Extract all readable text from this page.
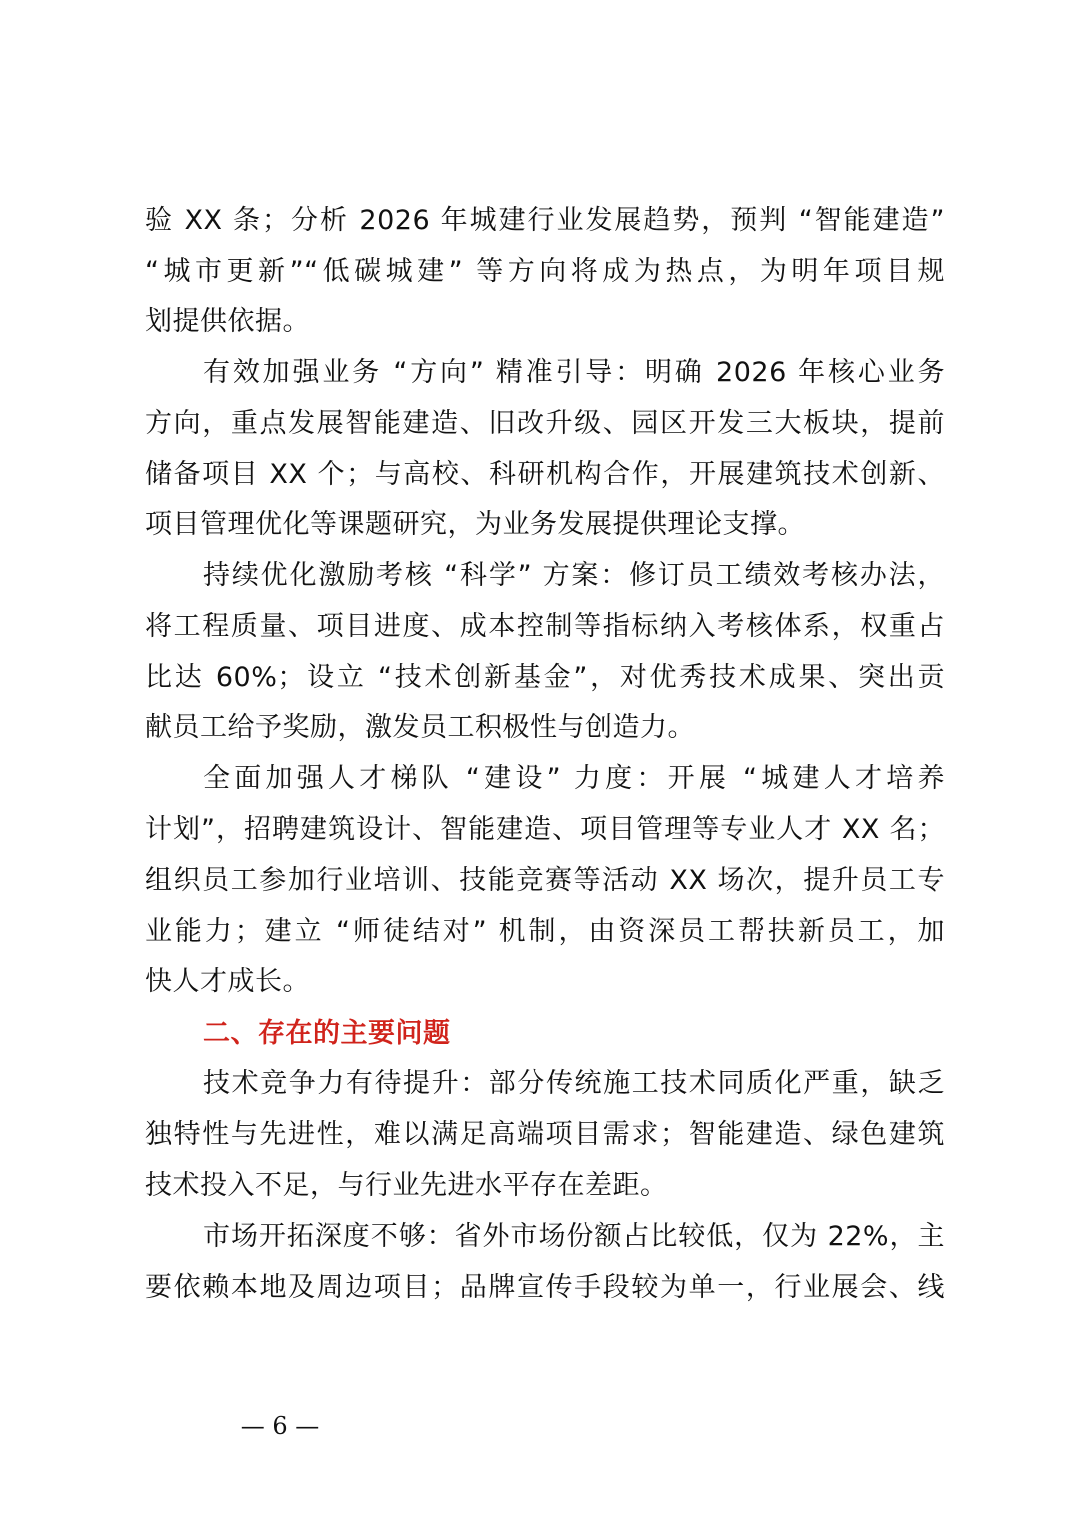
验 XX 条；分析 2026 年城建行业发展趋势，预判 “智能建造”
“城市更新”“低碳城建” 等方向将成为热点，为明年项目规
划提供依据。
有效加强业务 “方向” 精准引导：明确 2026 年核心业务
方向，重点发展智能建造、旧改升级、园区开发三大板块，提前
储备项目 XX 个；与高校、科研机构合作，开展建筑技术创新、
项目管理优化等课题研究，为业务发展提供理论支撑。
持续优化激励考核 “科学” 方案：修订员工绩效考核办法，
将工程质量、项目进度、成本控制等指标纳入考核体系，权重占
比达 60%；设立 “技术创新基金”，对优秀技术成果、突出贡
献员工给予奖励，激发员工积极性与创造力。
全面加强人才梯队 “建设” 力度：开展 “城建人才培养
计划”，招聘建筑设计、智能建造、项目管理等专业人才 XX 名；
组织员工参加行业培训、技能竞赛等活动 XX 场次，提升员工专
业能力；建立 “师徒结对” 机制，由资深员工帮扶新员工，加
快人才成长。
二、存在的主要问题
技术竞争力有待提升：部分传统施工技术同质化严重，缺乏
独特性与先进性，难以满足高端项目需求；智能建造、绿色建筑
技术投入不足，与行业先进水平存在差距。
市场开拓深度不够：省外市场份额占比较低，仅为 22%，主
要依赖本地及周边项目；品牌宣传手段较为单一，行业展会、线
— 6 —
